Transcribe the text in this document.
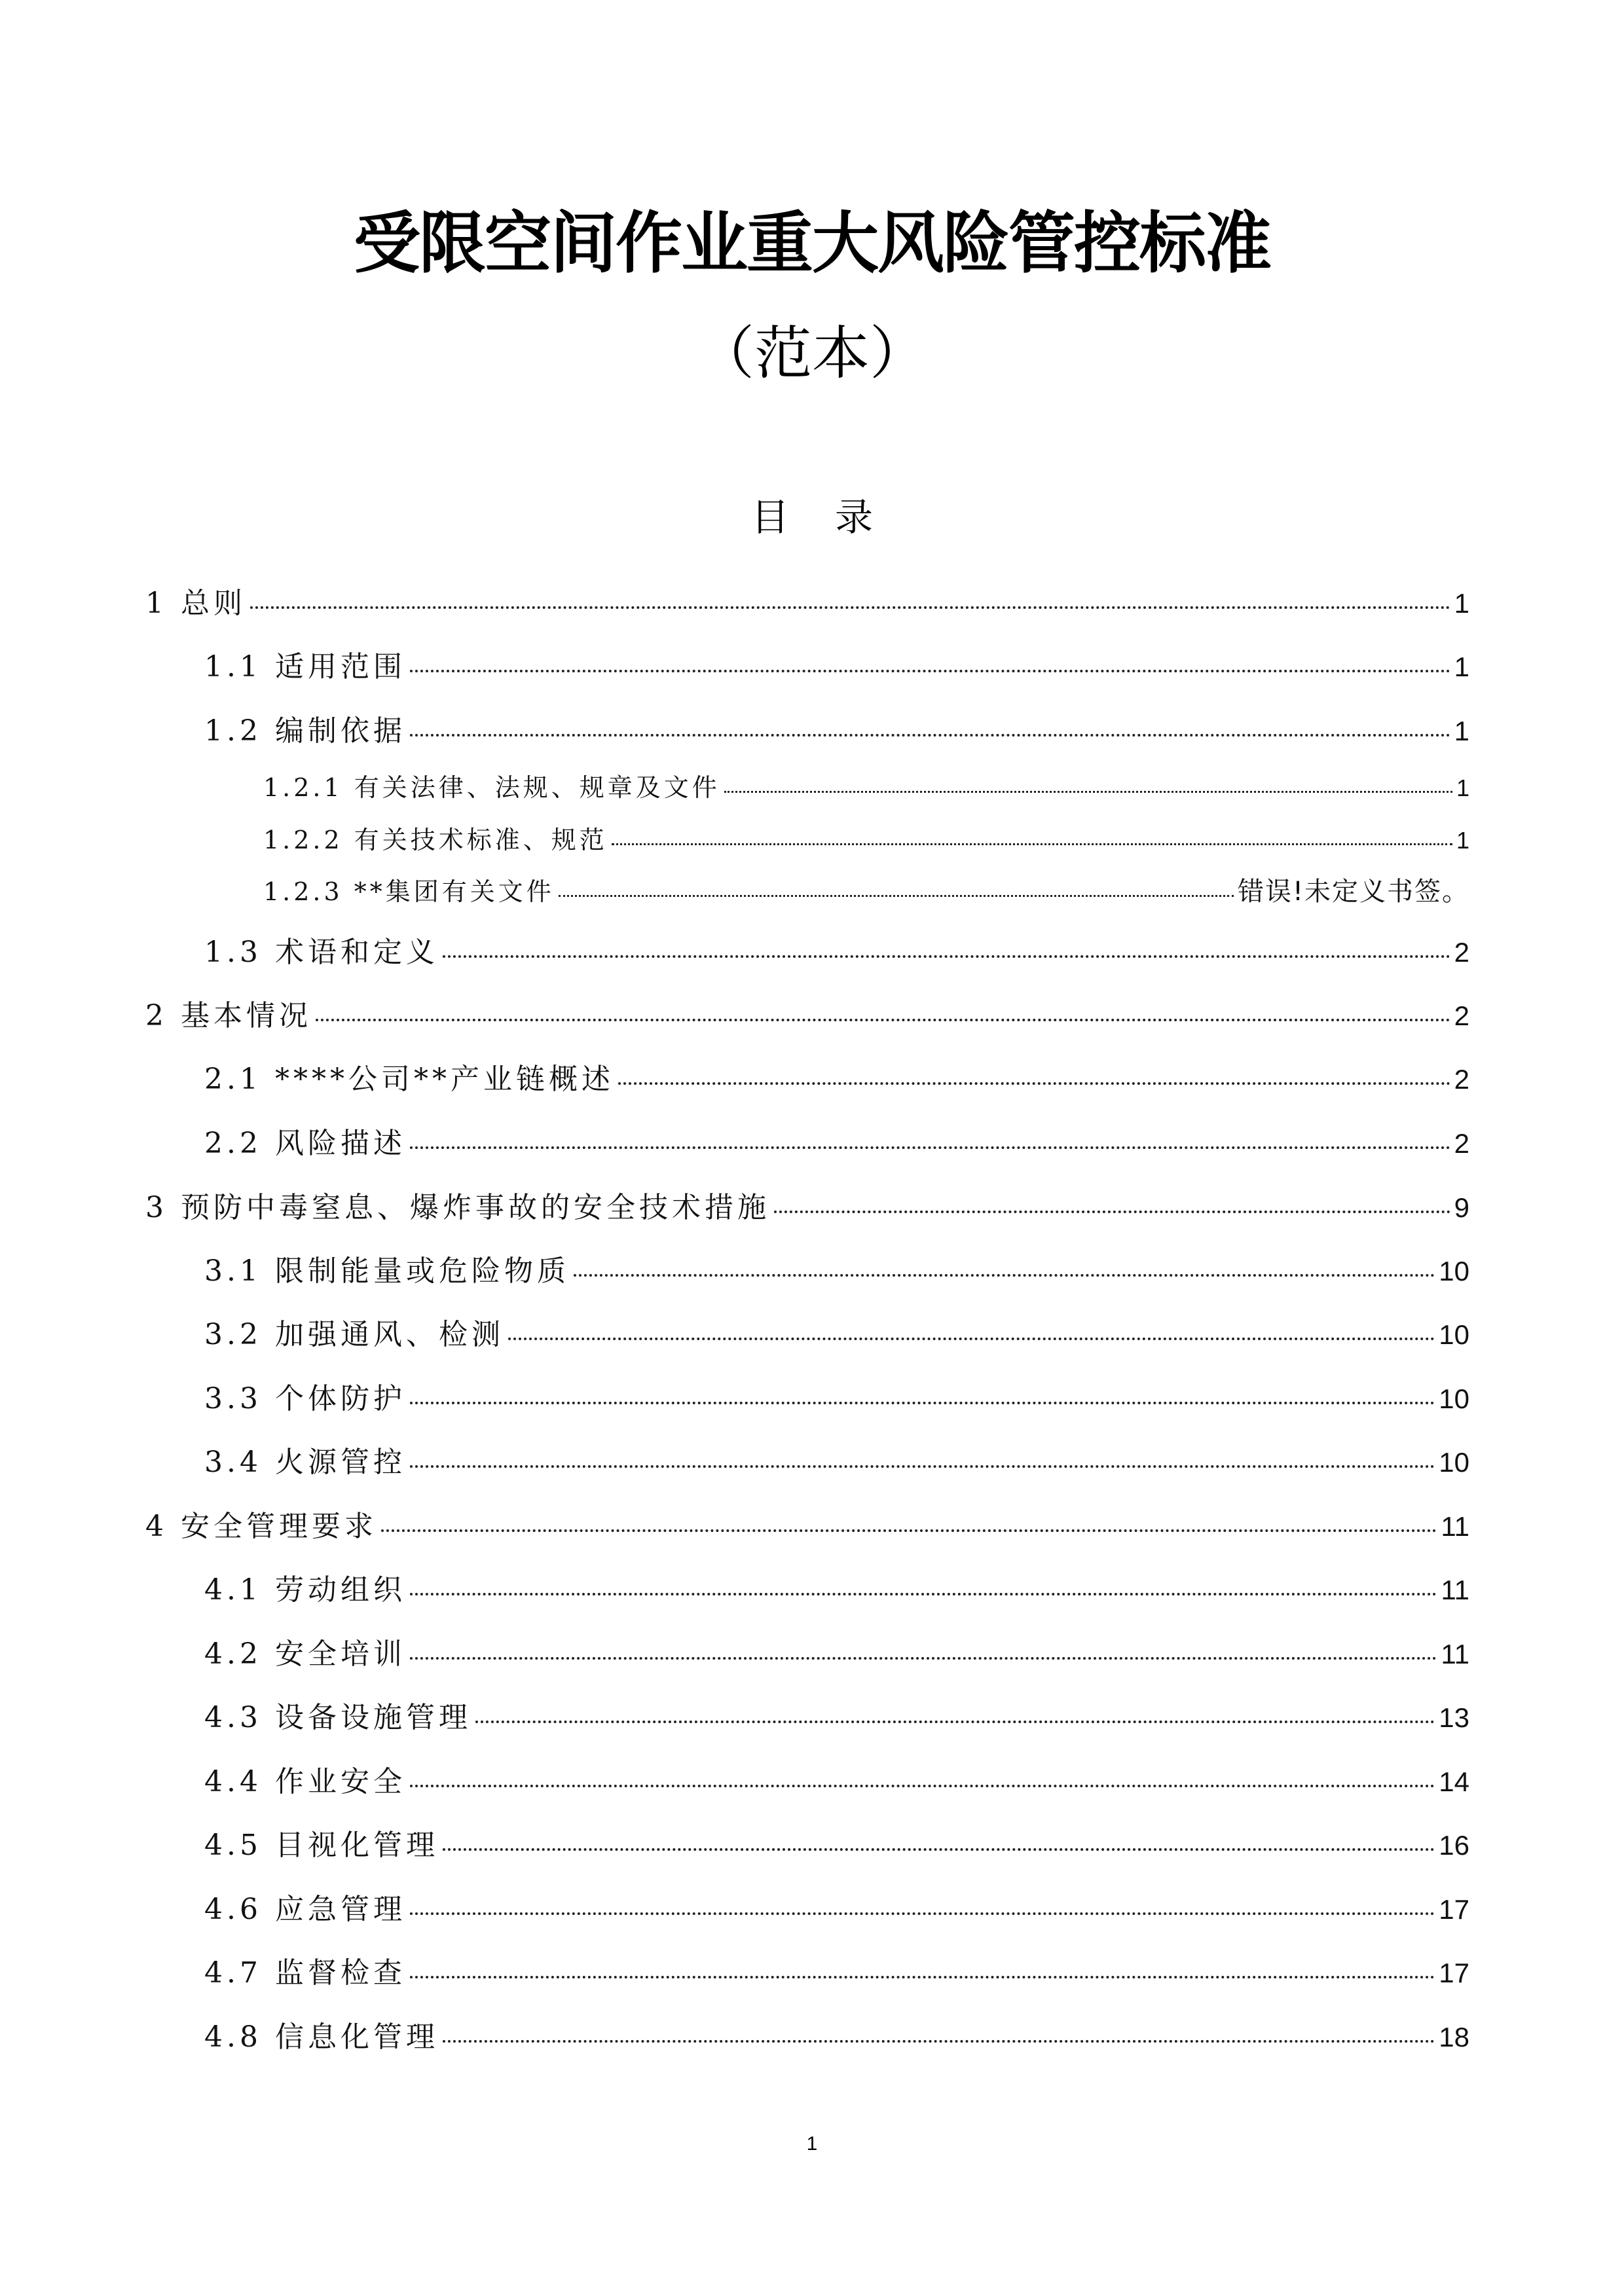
受限空间作业重大风险管控标准
（范本）
目 录
1 总则	1
1.1 适用范围	1
1.2 编制依据	1
1.2.1 有关法律、法规、规章及文件	1
1.2.2 有关技术标准、规范	1
1.2.3 **集团有关文件	错误!未定义书签。
1.3 术语和定义	2
2 基本情况	2
2.1 ****公司**产业链概述	2
2.2 风险描述	2
3 预防中毒窒息、爆炸事故的安全技术措施	9
3.1 限制能量或危险物质	10
3.2 加强通风、检测	10
3.3 个体防护	10
3.4 火源管控	10
4 安全管理要求	11
4.1 劳动组织	11
4.2 安全培训	11
4.3 设备设施管理	13
4.4 作业安全	14
4.5 目视化管理	16
4.6 应急管理	17
4.7 监督检查	17
4.8 信息化管理	18
1
